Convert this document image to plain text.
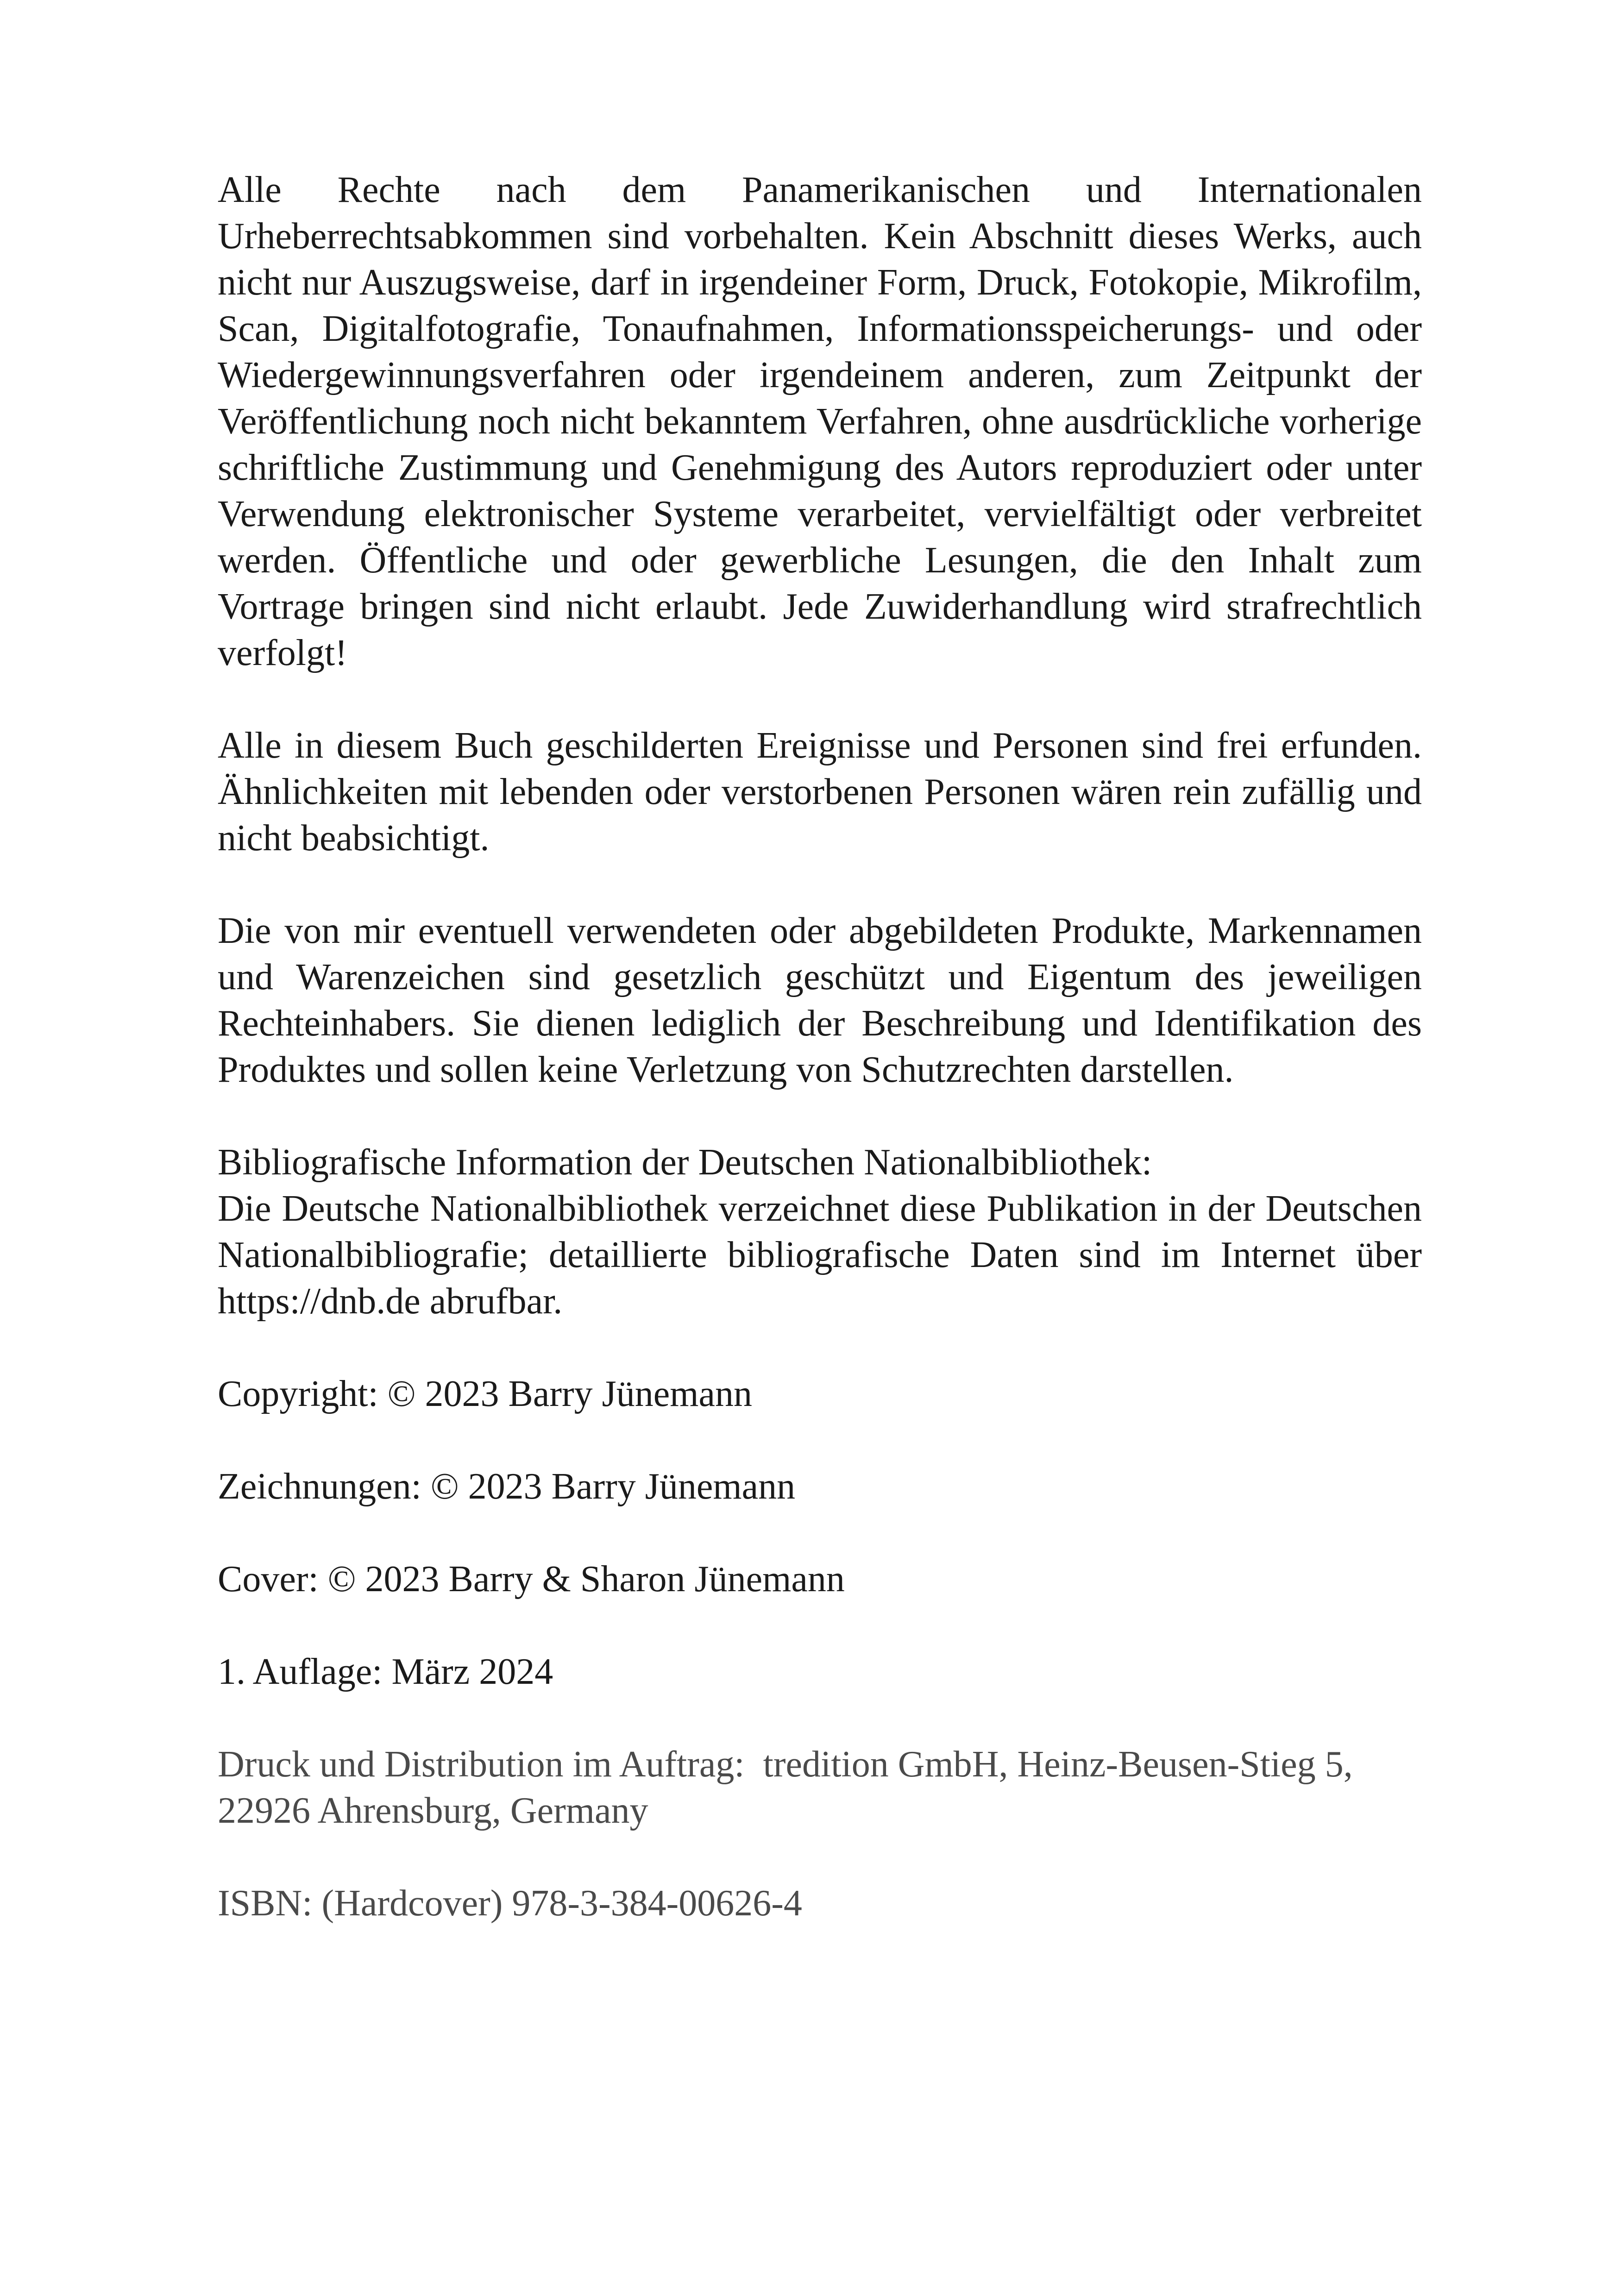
Alle Rechte nach dem Panamerikanischen und Internationalen Urheberrechtsabkommen sind vorbehalten. Kein Abschnitt dieses Werks, auch nicht nur Auszugsweise, darf in irgendeiner Form, Druck, Fotokopie, Mikrofilm, Scan, Digitalfotografie, Tonaufnahmen, Informationsspeicherungs- und oder Wiedergewinnungsverfahren oder irgendeinem anderen, zum Zeitpunkt der Veröffentlichung noch nicht bekanntem Verfahren, ohne ausdrückliche vorherige schriftliche Zustimmung und Genehmigung des Autors reproduziert oder unter Verwendung elektronischer Systeme verarbeitet, vervielfältigt oder verbreitet werden. Öffentliche und oder gewerbliche Lesungen, die den Inhalt zum Vortrage bringen sind nicht erlaubt. Jede Zuwiderhandlung wird strafrechtlich verfolgt!

Alle in diesem Buch geschilderten Ereignisse und Personen sind frei erfunden. Ähnlichkeiten mit lebenden oder verstorbenen Personen wären rein zufällig und nicht beabsichtigt.

Die von mir eventuell verwendeten oder abgebildeten Produkte, Markennamen und Warenzeichen sind gesetzlich geschützt und Eigentum des jeweiligen Rechteinhabers. Sie dienen lediglich der Beschreibung und Identifikation des Produktes und sollen keine Verletzung von Schutzrechten darstellen.

Bibliografische Information der Deutschen Nationalbibliothek:

Die Deutsche Nationalbibliothek verzeichnet diese Publikation in der Deutschen Nationalbibliografie; detaillierte bibliografische Daten sind im Internet über https://dnb.de abrufbar.

Copyright: © 2023 Barry Jünemann

Zeichnungen: © 2023 Barry Jünemann

Cover: © 2023 Barry & Sharon Jünemann

1. Auflage: März 2024

Druck und Distribution im Auftrag:  tredition GmbH, Heinz-Beusen-Stieg 5,
22926 Ahrensburg, Germany

ISBN: (Hardcover) 978-3-384-00626-4
